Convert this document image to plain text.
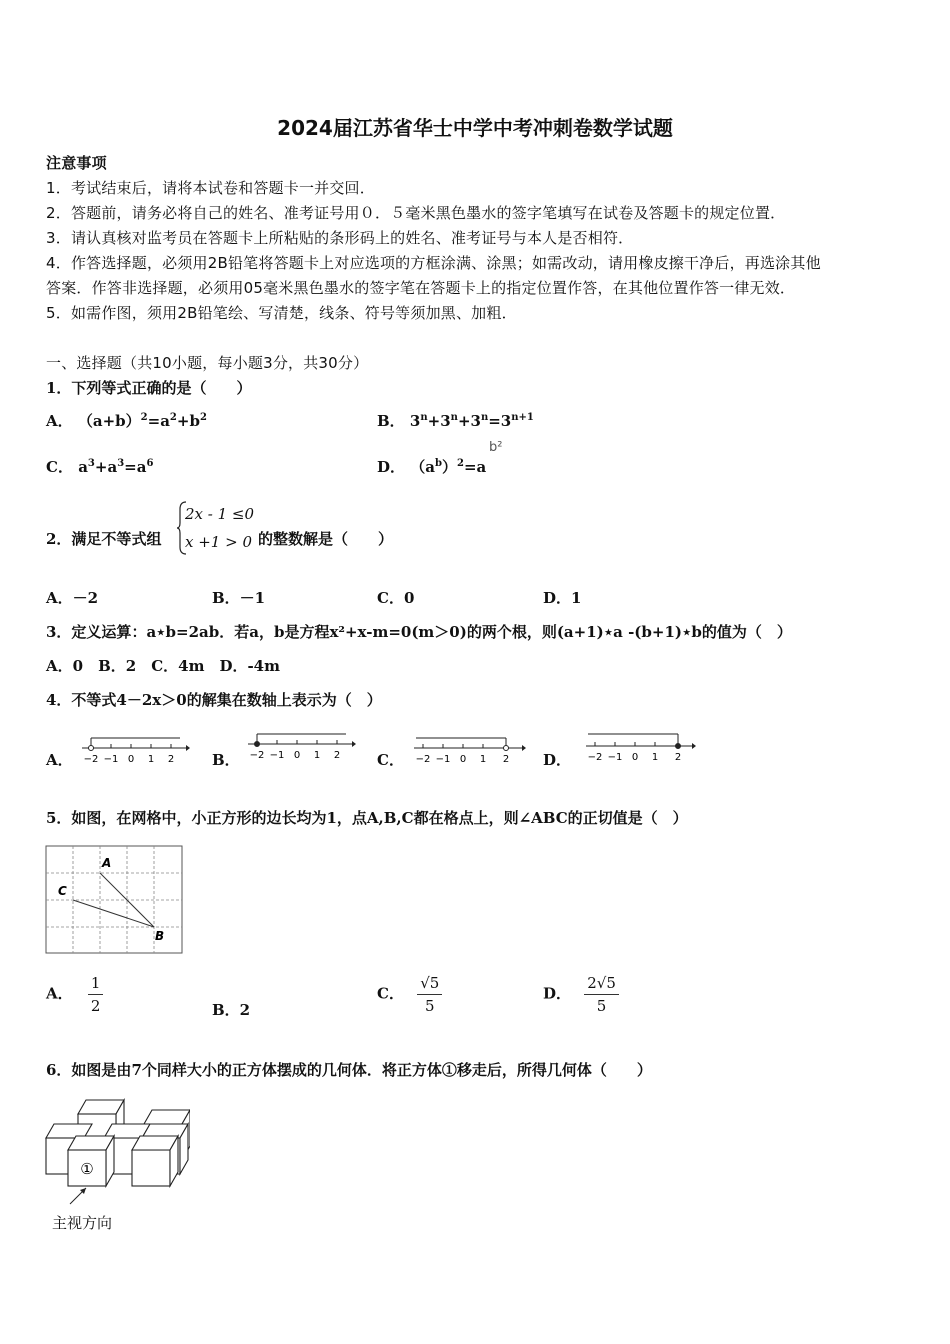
2024届江苏省华士中学中考冲刺卷数学试题
注意事项
1．考试结束后，请将本试卷和答题卡一并交回．
2．答题前，请务必将自己的姓名、准考证号用０．５毫米黑色墨水的签字笔填写在试卷及答题卡的规定位置．
3．请认真核对监考员在答题卡上所粘贴的条形码上的姓名、准考证号与本人是否相符．
4．作答选择题，必须用2B铅笔将答题卡上对应选项的方框涂满、涂黑；如需改动，请用橡皮擦干净后，再选涂其他
答案．作答非选择题，必须用05毫米黑色墨水的签字笔在答题卡上的指定位置作答，在其他位置作答一律无效．
5．如需作图，须用2B铅笔绘、写清楚，线条、符号等须加黑、加粗．
一、选择题（共10小题，每小题3分，共30分）
1．下列等式正确的是（　　）
A． $(a+b)^2=a^2+b^2$	B． $3^n+3^n+3^n=3^{n+1}$
C． $a^3+a^3=a^6$	D． $(a^b)^2=a$
b²
2．满足不等式组
2x - 1 ≤0
x +1 > 0 的整数解是（　　）
A．－2	B．－1	C．0	D．1
3．定义运算：a⋆b=2ab．若a，b是方程x²+x-m=0(m＞0)的两个根，则(a+1)⋆a -(b+1)⋆b的值为（　）
A．0　B．2　C．4m　D．-4m
4．不等式4－2x＞0的解集在数轴上表示为（　）
A．	B．	C．	D．
−2 −1 0 1 2	−2 −1 0 1 2	−2 −1 0 1 2	−2 −1 0 1 2
5．如图，在网格中，小正方形的边长均为1，点A,B,C都在格点上，则∠ABC的正切值是（　）
A
B
C
A． $\frac{1}{2}$	B．2
C． $\frac{√5}{5}$	D． $\frac{2√5}{5}$
6．如图是由7个同样大小的正方体摆成的几何体．将正方体①移走后，所得几何体（　　）
①
主视方向
